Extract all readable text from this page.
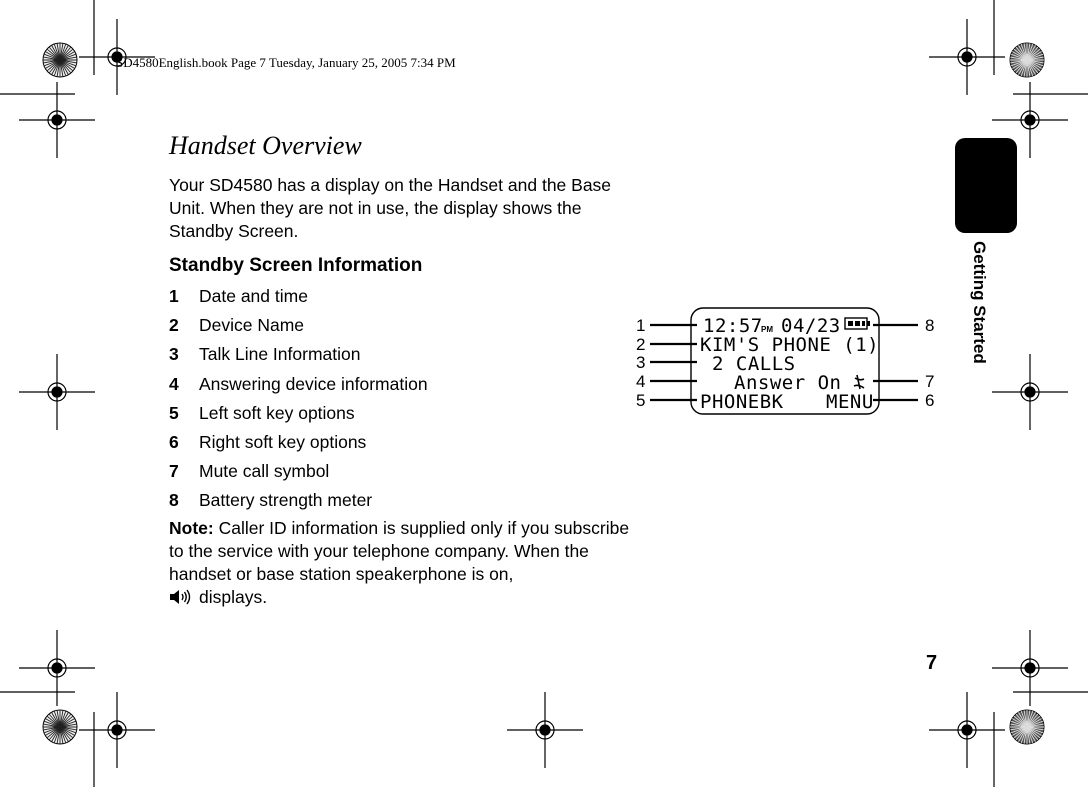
SD4580English.book Page 7 Tuesday, January 25, 2005 7:34 PM
Handset Overview
Your SD4580 has a display on the Handset and the Base Unit. When they are not in use, the display shows the Standby Screen.
Standby Screen Information
1 Date and time
2 Device Name
3 Talk Line Information
4 Answering device information
5 Left soft key options
6 Right soft key options
7 Mute call symbol
8 Battery strength meter
Note: Caller ID information is supplied only if you subscribe to the service with your telephone company. When the handset or base station speakerphone is on,
displays.
1
2
3
4
5
8
7
6
12:57
PM 04/23
KIM'S PHONE (1)
2 CALLS
Answer On
PHONEBK MENU
Getting Started
7
